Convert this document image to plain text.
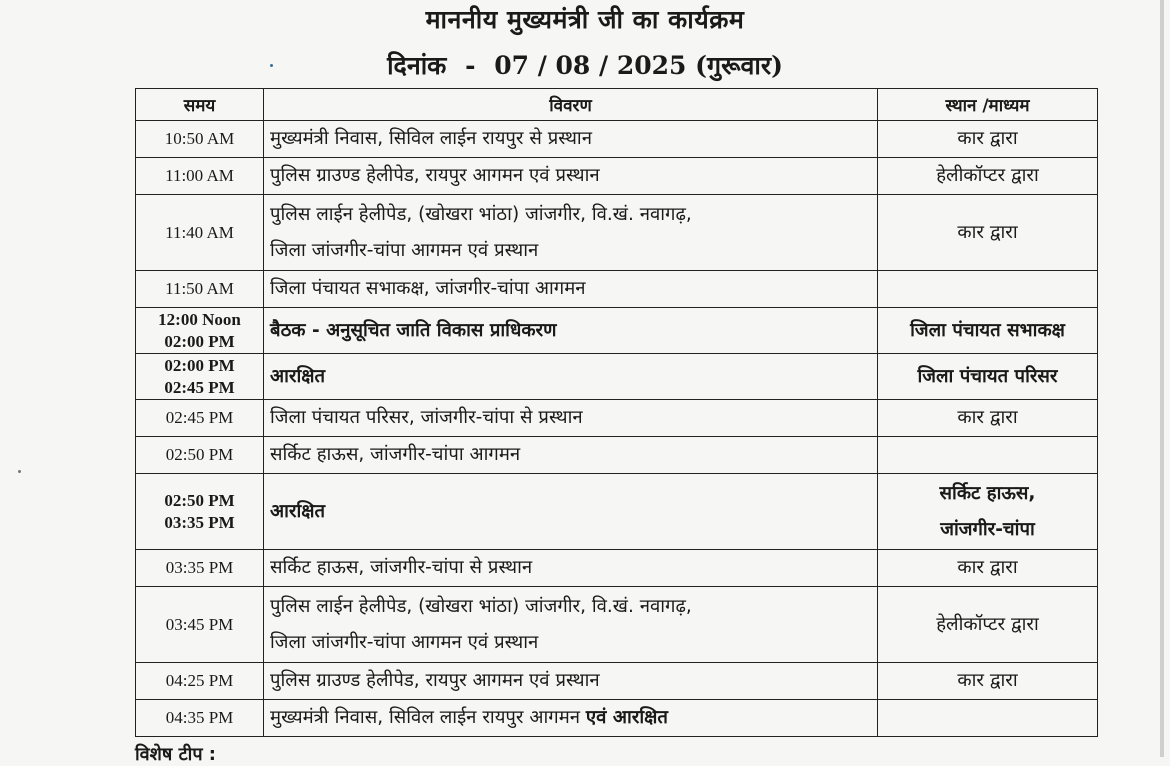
माननीय मुख्यमंत्री जी का कार्यक्रम
दिनांक - 07 / 08 / 2025 (गुरूवार)
समय	विवरण	स्थान /माध्यम

10:50 AM	मुख्यमंत्री निवास, सिविल लाईन रायपुर से प्रस्थान	कार द्वारा

11:00 AM	पुलिस ग्राउण्ड हेलीपेड, रायपुर आगमन एवं प्रस्थान	हेलीकॉप्टर द्वारा

11:40 AM	पुलिस लाईन हेलीपेड, (खोखरा भांठा) जांजगीर, वि.खं. नवागढ़,
जिला जांजगीर-चांपा आगमन एवं प्रस्थान	कार द्वारा

11:50 AM	जिला पंचायत सभाकक्ष, जांजगीर-चांपा आगमन	

12:00 Noon
02:00 PM	बैठक - अनुसूचित जाति विकास प्राधिकरण	जिला पंचायत सभाकक्ष

02:00 PM
02:45 PM	आरक्षित	जिला पंचायत परिसर

02:45 PM	जिला पंचायत परिसर, जांजगीर-चांपा से प्रस्थान	कार द्वारा

02:50 PM	सर्किट हाऊस, जांजगीर-चांपा आगमन	

02:50 PM
03:35 PM	आरक्षित	सर्किट हाऊस,
जांजगीर-चांपा

03:35 PM	सर्किट हाऊस, जांजगीर-चांपा से प्रस्थान	कार द्वारा

03:45 PM	पुलिस लाईन हेलीपेड, (खोखरा भांठा) जांजगीर, वि.खं. नवागढ़,
जिला जांजगीर-चांपा आगमन एवं प्रस्थान	हेलीकॉप्टर द्वारा

04:25 PM	पुलिस ग्राउण्ड हेलीपेड, रायपुर आगमन एवं प्रस्थान	कार द्वारा

04:35 PM	मुख्यमंत्री निवास, सिविल लाईन रायपुर आगमन एवं आरक्षित	
विशेष टीप :
